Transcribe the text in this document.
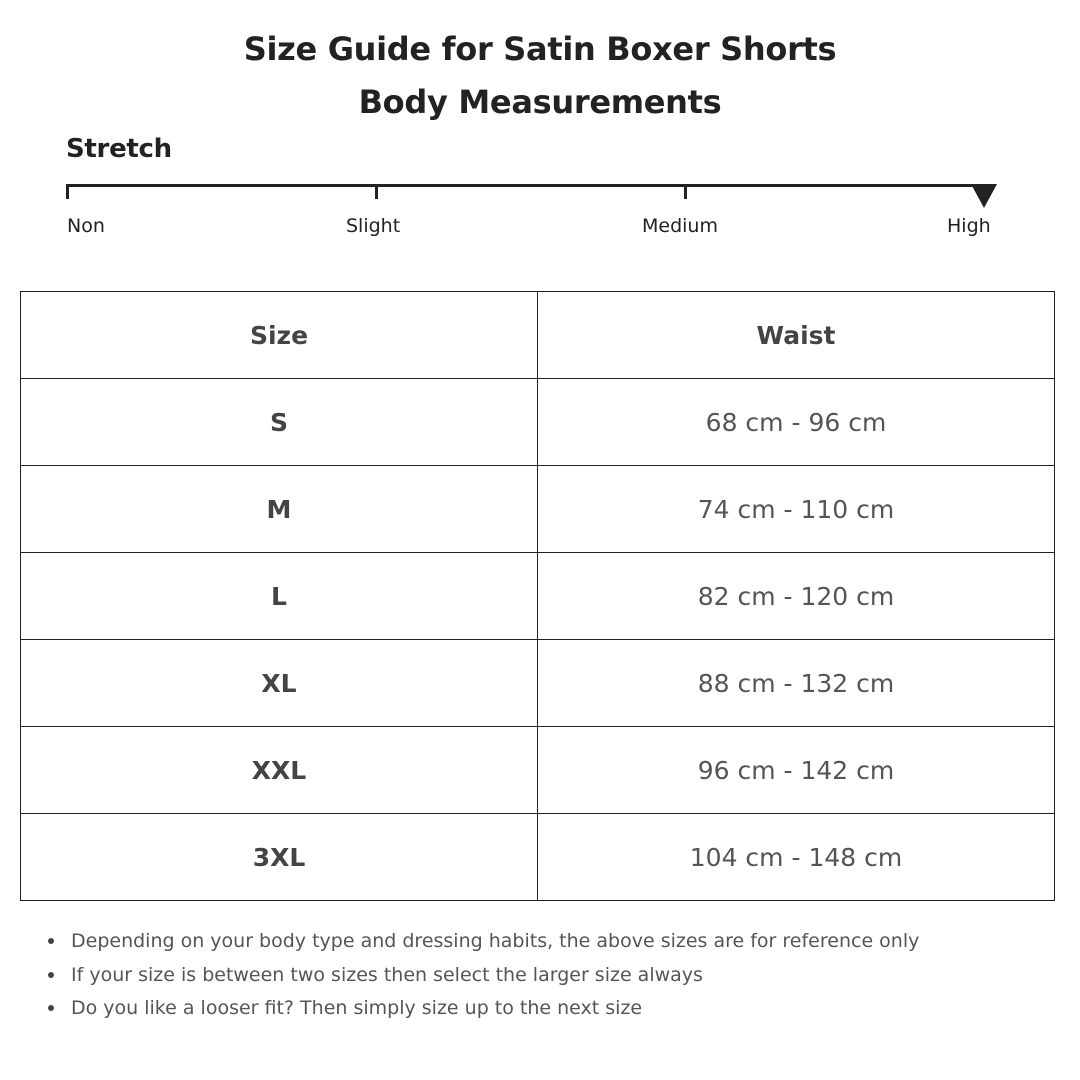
Size Guide for Satin Boxer Shorts
Body Measurements
Stretch
Non	Slight	Medium	High
Size	Waist
S	68 cm - 96 cm
M	74 cm - 110 cm
L	82 cm - 120 cm
XL	88 cm - 132 cm
XXL	96 cm - 142 cm
3XL	104 cm - 148 cm
Depending on your body type and dressing habits, the above sizes are for reference only
If your size is between two sizes then select the larger size always
Do you like a looser fit? Then simply size up to the next size
